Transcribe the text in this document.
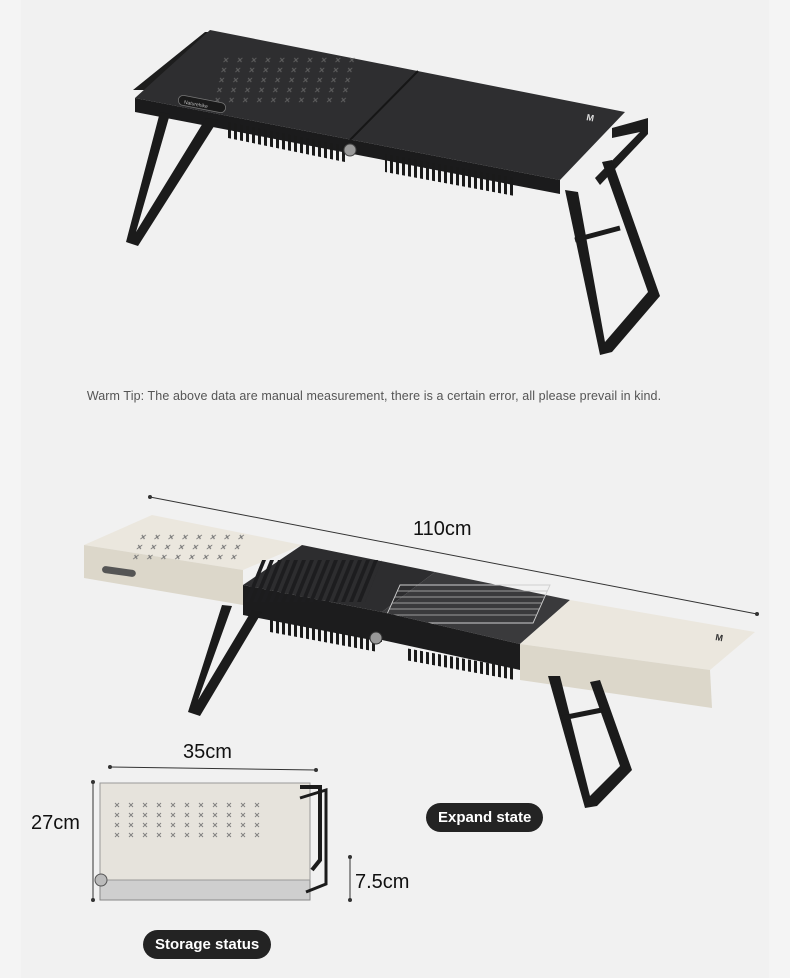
Naturehike
M
M
Warm Tip: The above data are manual measurement, there is a certain error, all please prevail in kind.
110cm
35cm
27cm
7.5cm
Expand state
Storage status
